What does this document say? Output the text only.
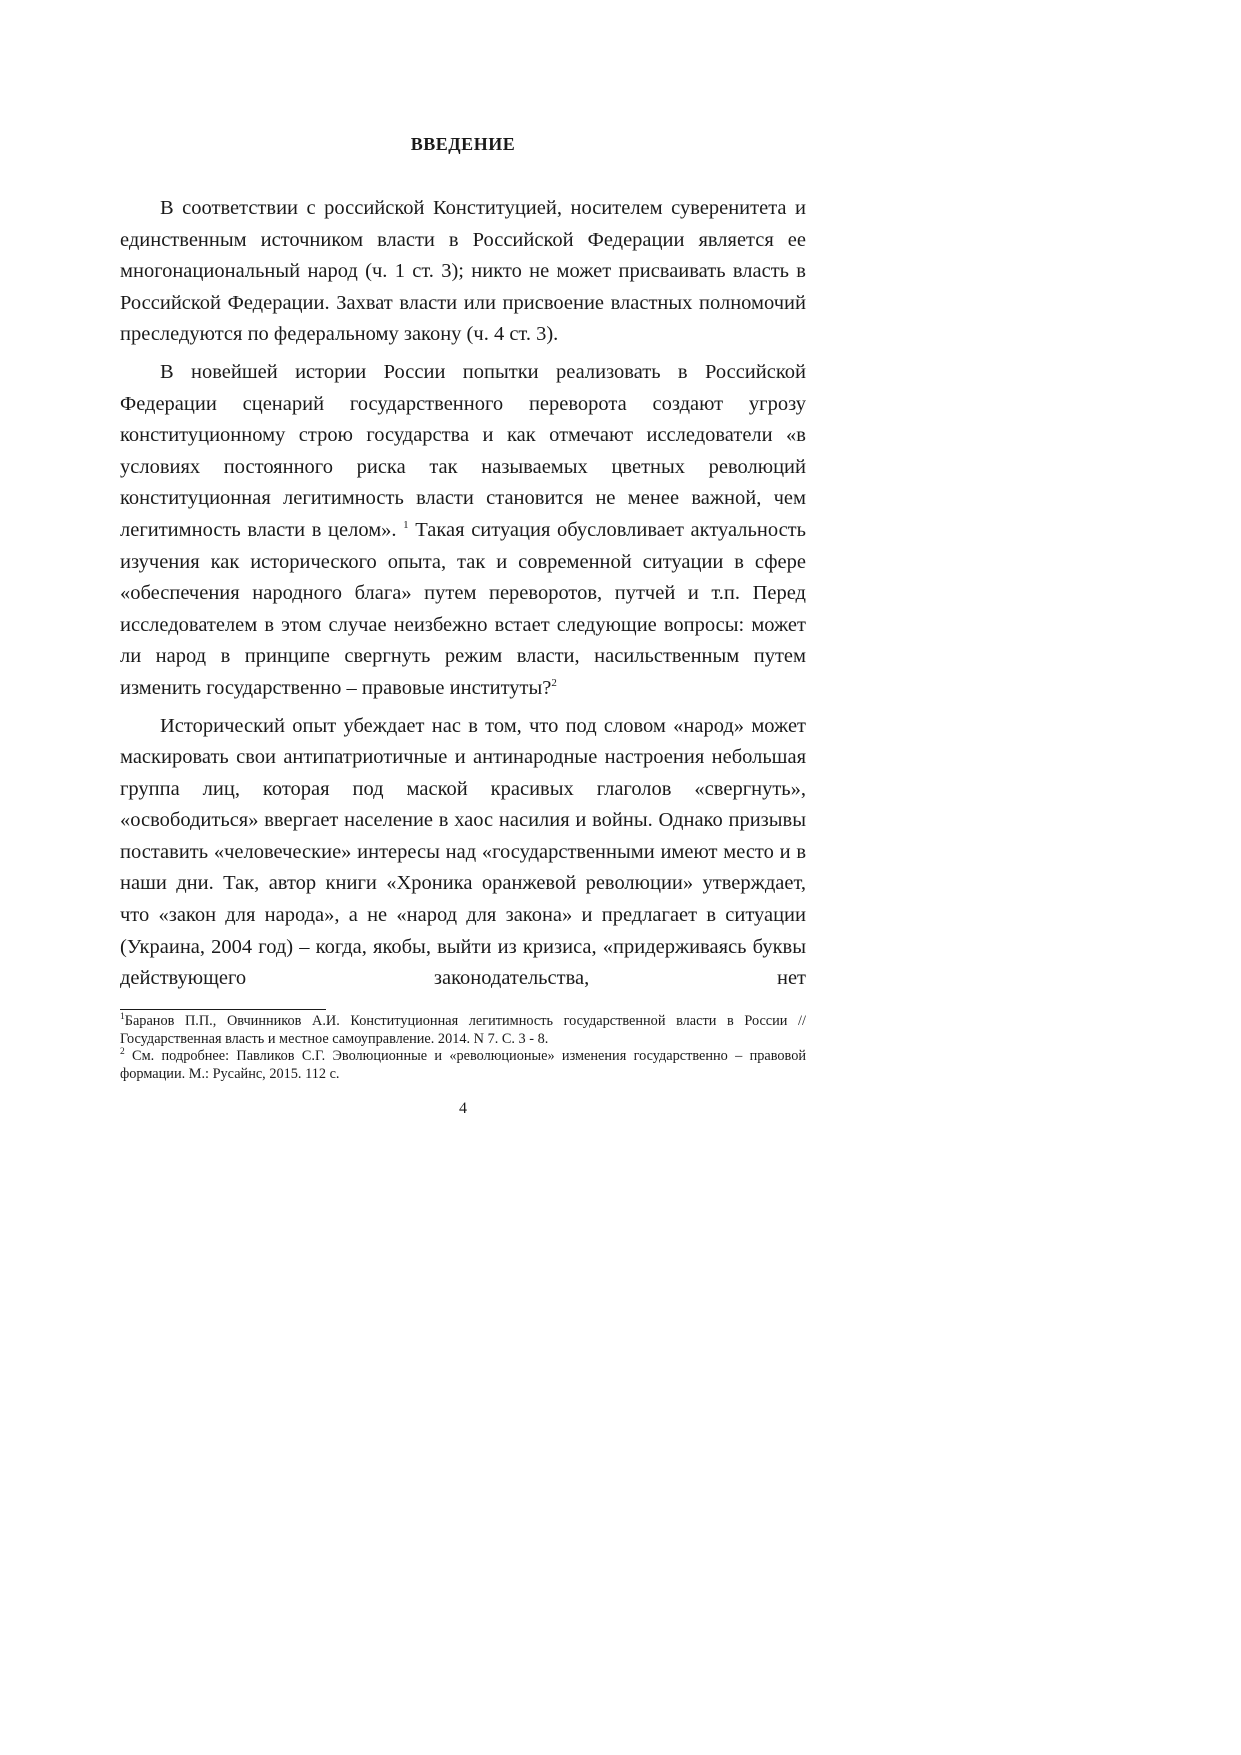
ВВЕДЕНИЕ

В соответствии с российской Конституцией, носителем суверенитета и единственным источником власти в Российской Федерации является ее многонациональный народ (ч. 1 ст. 3); никто не может присваивать власть в Российской Федерации. Захват власти или присвоение властных полномочий преследуются по федеральному закону (ч. 4 ст. 3).

В новейшей истории России попытки реализовать в Российской Федерации сценарий государственного переворота создают угрозу конституционному строю государства и как отмечают исследователи «в условиях постоянного риска так называемых цветных революций конституционная легитимность власти становится не менее важной, чем легитимность власти в целом». $^1$ Такая ситуация обусловливает актуальность изучения как исторического опыта, так и современной ситуации в сфере «обеспечения народного блага» путем переворотов, путчей и т.п. Перед исследователем в этом случае неизбежно встает следующие вопросы: может ли народ в принципе свергнуть режим власти, насильственным путем изменить государственно – правовые институты?$^2$

Исторический опыт убеждает нас в том, что под словом «народ» может маскировать свои антипатриотичные и антинародные настроения небольшая группа лиц, которая под маской красивых глаголов «свергнуть», «освободиться» ввергает население в хаос насилия и войны. Однако призывы поставить «человеческие» интересы над «государственными имеют место и в наши дни. Так, автор книги «Хроника оранжевой революции» утверждает, что «закон для народа», а не «народ для закона» и предлагает в ситуации (Украина, 2004 год) – когда, якобы, выйти из кризиса, «придерживаясь буквы действующего законодательства, нет

$^1$Баранов П.П., Овчинников А.И. Конституционная легитимность государственной власти в России // Государственная власть и местное самоуправление. 2014. N 7. С. 3 - 8.

$^2$ См. подробнее: Павликов С.Г. Эволюционные и «революционые» изменения государственно – правовой формации. М.: Русайнс, 2015. 112 с.

4
